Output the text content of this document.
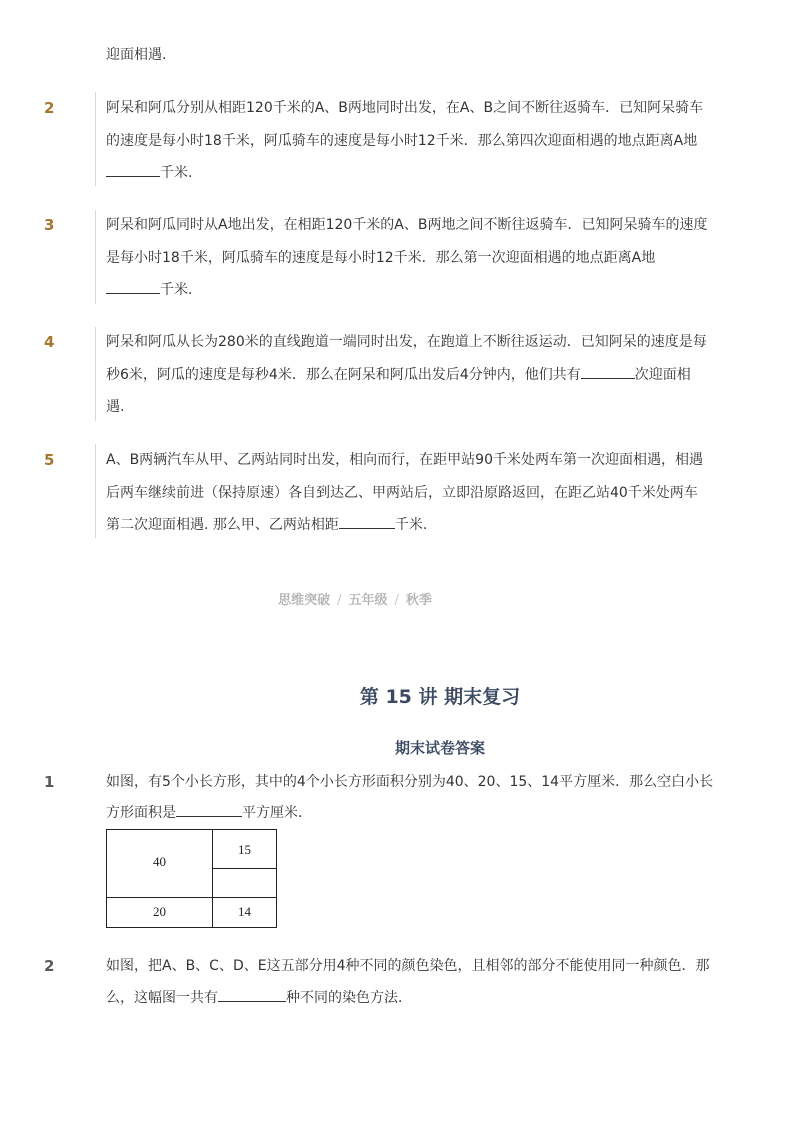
迎面相遇.
2	阿呆和阿瓜分别从相距120千米的A、B两地同时出发，在A、B之间不断往返骑车．已知阿呆骑车
的速度是每小时18千米，阿瓜骑车的速度是每小时12千米．那么第四次迎面相遇的地点距离A地
千米.
3	阿呆和阿瓜同时从A地出发，在相距120千米的A、B两地之间不断往返骑车．已知阿呆骑车的速度
是每小时18千米，阿瓜骑车的速度是每小时12千米．那么第一次迎面相遇的地点距离A地
千米.
4	阿呆和阿瓜从长为280米的直线跑道一端同时出发，在跑道上不断往返运动．已知阿呆的速度是每
秒6米，阿瓜的速度是每秒4米．那么在阿呆和阿瓜出发后4分钟内，他们共有	次迎面相
遇.
5	A、B两辆汽车从甲、乙两站同时出发，相向而行，在距甲站90千米处两车第一次迎面相遇，相遇
后两车继续前进（保持原速）各自到达乙、甲两站后，立即沿原路返回，在距乙站40千米处两车
第二次迎面相遇. 那么甲、乙两站相距	千米.
思维突破 / 五年级 / 秋季
第 15 讲 期末复习
期末试卷答案
1	如图，有5个小长方形，其中的4个小长方形面积分别为40、20、15、14平方厘米．那么空白小长
方形面积是	平方厘米．
40
15
20	14
2	如图，把A、B、C、D、E这五部分用4种不同的颜色染色，且相邻的部分不能使用同一种颜色．那
么，这幅图一共有	种不同的染色方法．
